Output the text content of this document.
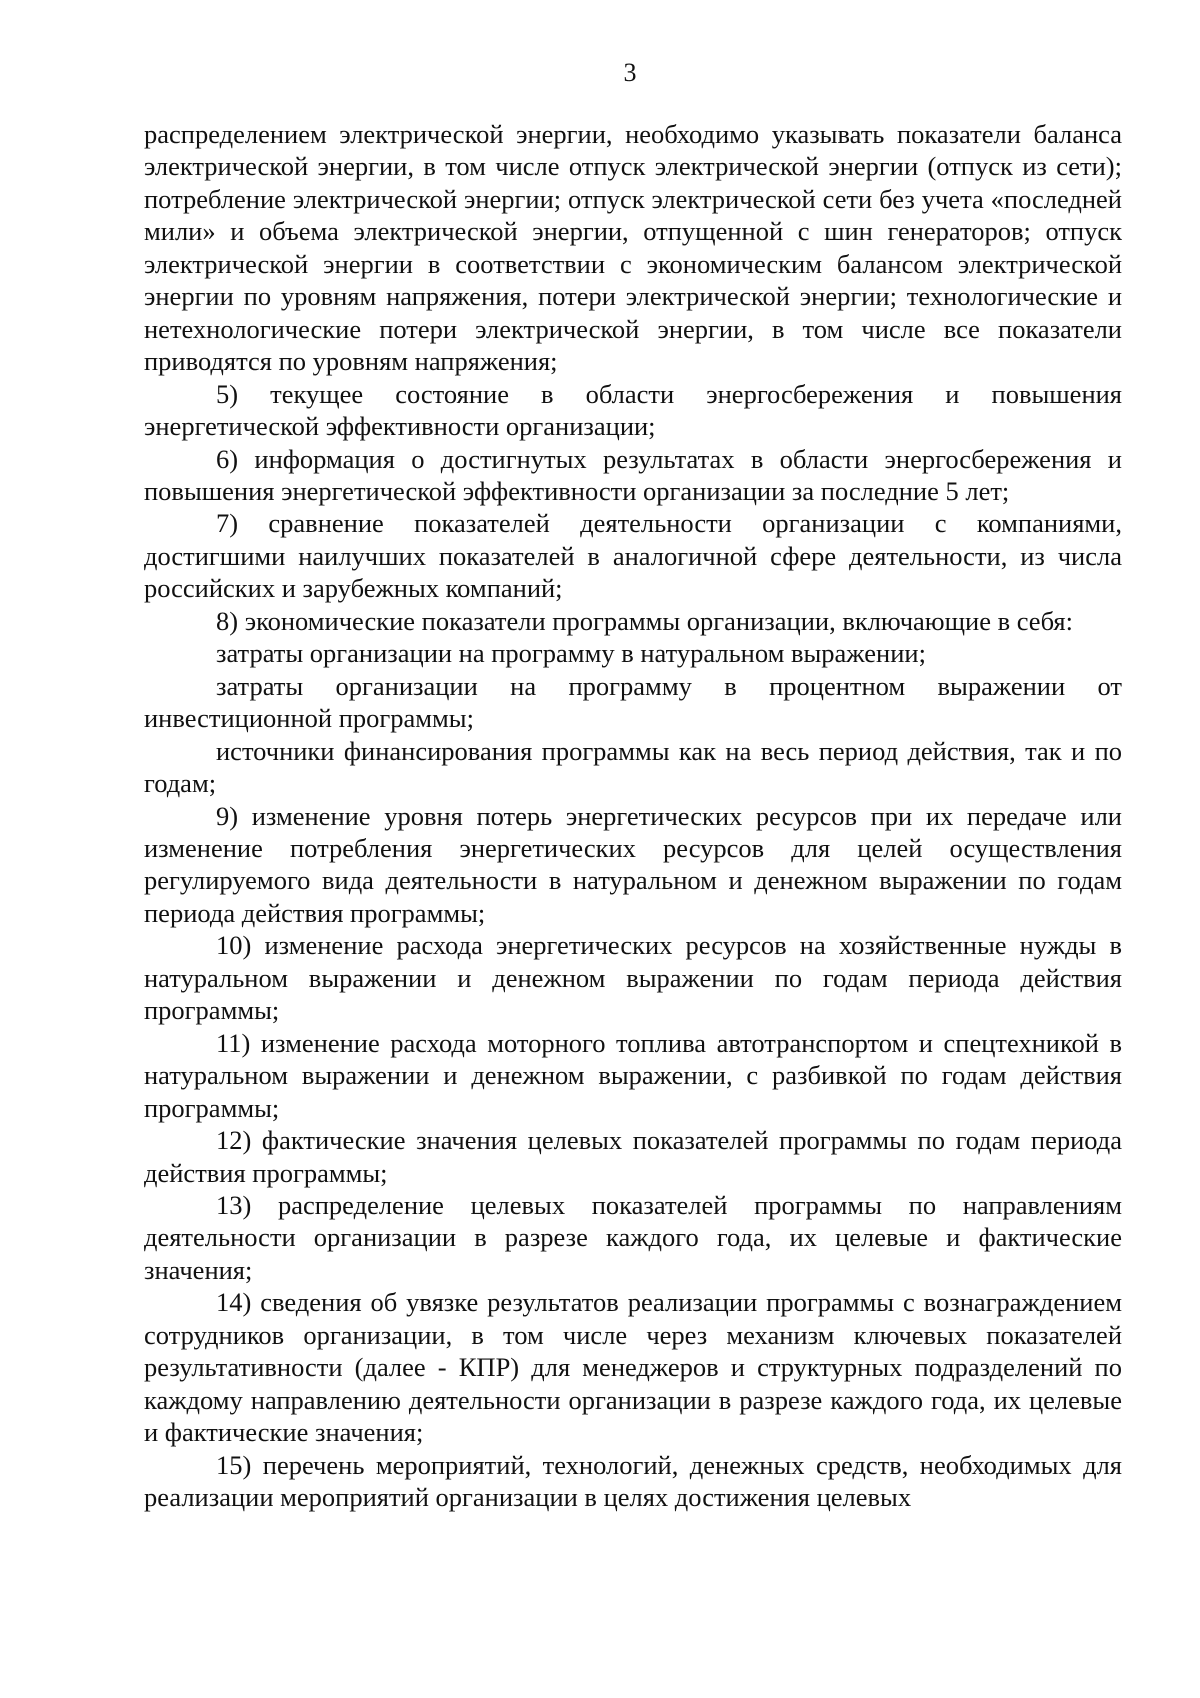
3

распределением электрической энергии, необходимо указывать показатели баланса электрической энергии, в том числе отпуск электрической энергии (отпуск из сети); потребление электрической энергии; отпуск электрической сети без учета «последней мили» и объема электрической энергии, отпущенной с шин генераторов; отпуск электрической энергии в соответствии с экономическим балансом электрической энергии по уровням напряжения, потери электрической энергии; технологические и нетехнологические потери электрической энергии, в том числе все показатели приводятся по уровням напряжения;

5) текущее состояние в области энергосбережения и повышения энергетической эффективности организации;

6) информация о достигнутых результатах в области энергосбережения и повышения энергетической эффективности организации за последние 5 лет;

7) сравнение показателей деятельности организации с компаниями, достигшими наилучших показателей в аналогичной сфере деятельности, из числа российских и зарубежных компаний;

8) экономические показатели программы организации, включающие в себя:

затраты организации на программу в натуральном выражении;

затраты организации на программу в процентном выражении от инвестиционной программы;

источники финансирования программы как на весь период действия, так и по годам;

9) изменение уровня потерь энергетических ресурсов при их передаче или изменение потребления энергетических ресурсов для целей осуществления регулируемого вида деятельности в натуральном и денежном выражении по годам периода действия программы;

10) изменение расхода энергетических ресурсов на хозяйственные нужды в натуральном выражении и денежном выражении по годам периода действия программы;

11) изменение расхода моторного топлива автотранспортом и спецтехникой в натуральном выражении и денежном выражении, с разбивкой по годам действия программы;

12) фактические значения целевых показателей программы по годам периода действия программы;

13) распределение целевых показателей программы по направлениям деятельности организации в разрезе каждого года, их целевые и фактические значения;

14) сведения об увязке результатов реализации программы с вознаграждением сотрудников организации, в том числе через механизм ключевых показателей результативности (далее - КПР) для менеджеров и структурных подразделений по каждому направлению деятельности организации в разрезе каждого года, их целевые и фактические значения;

15) перечень мероприятий, технологий, денежных средств, необходимых для реализации мероприятий организации в целях достижения целевых
